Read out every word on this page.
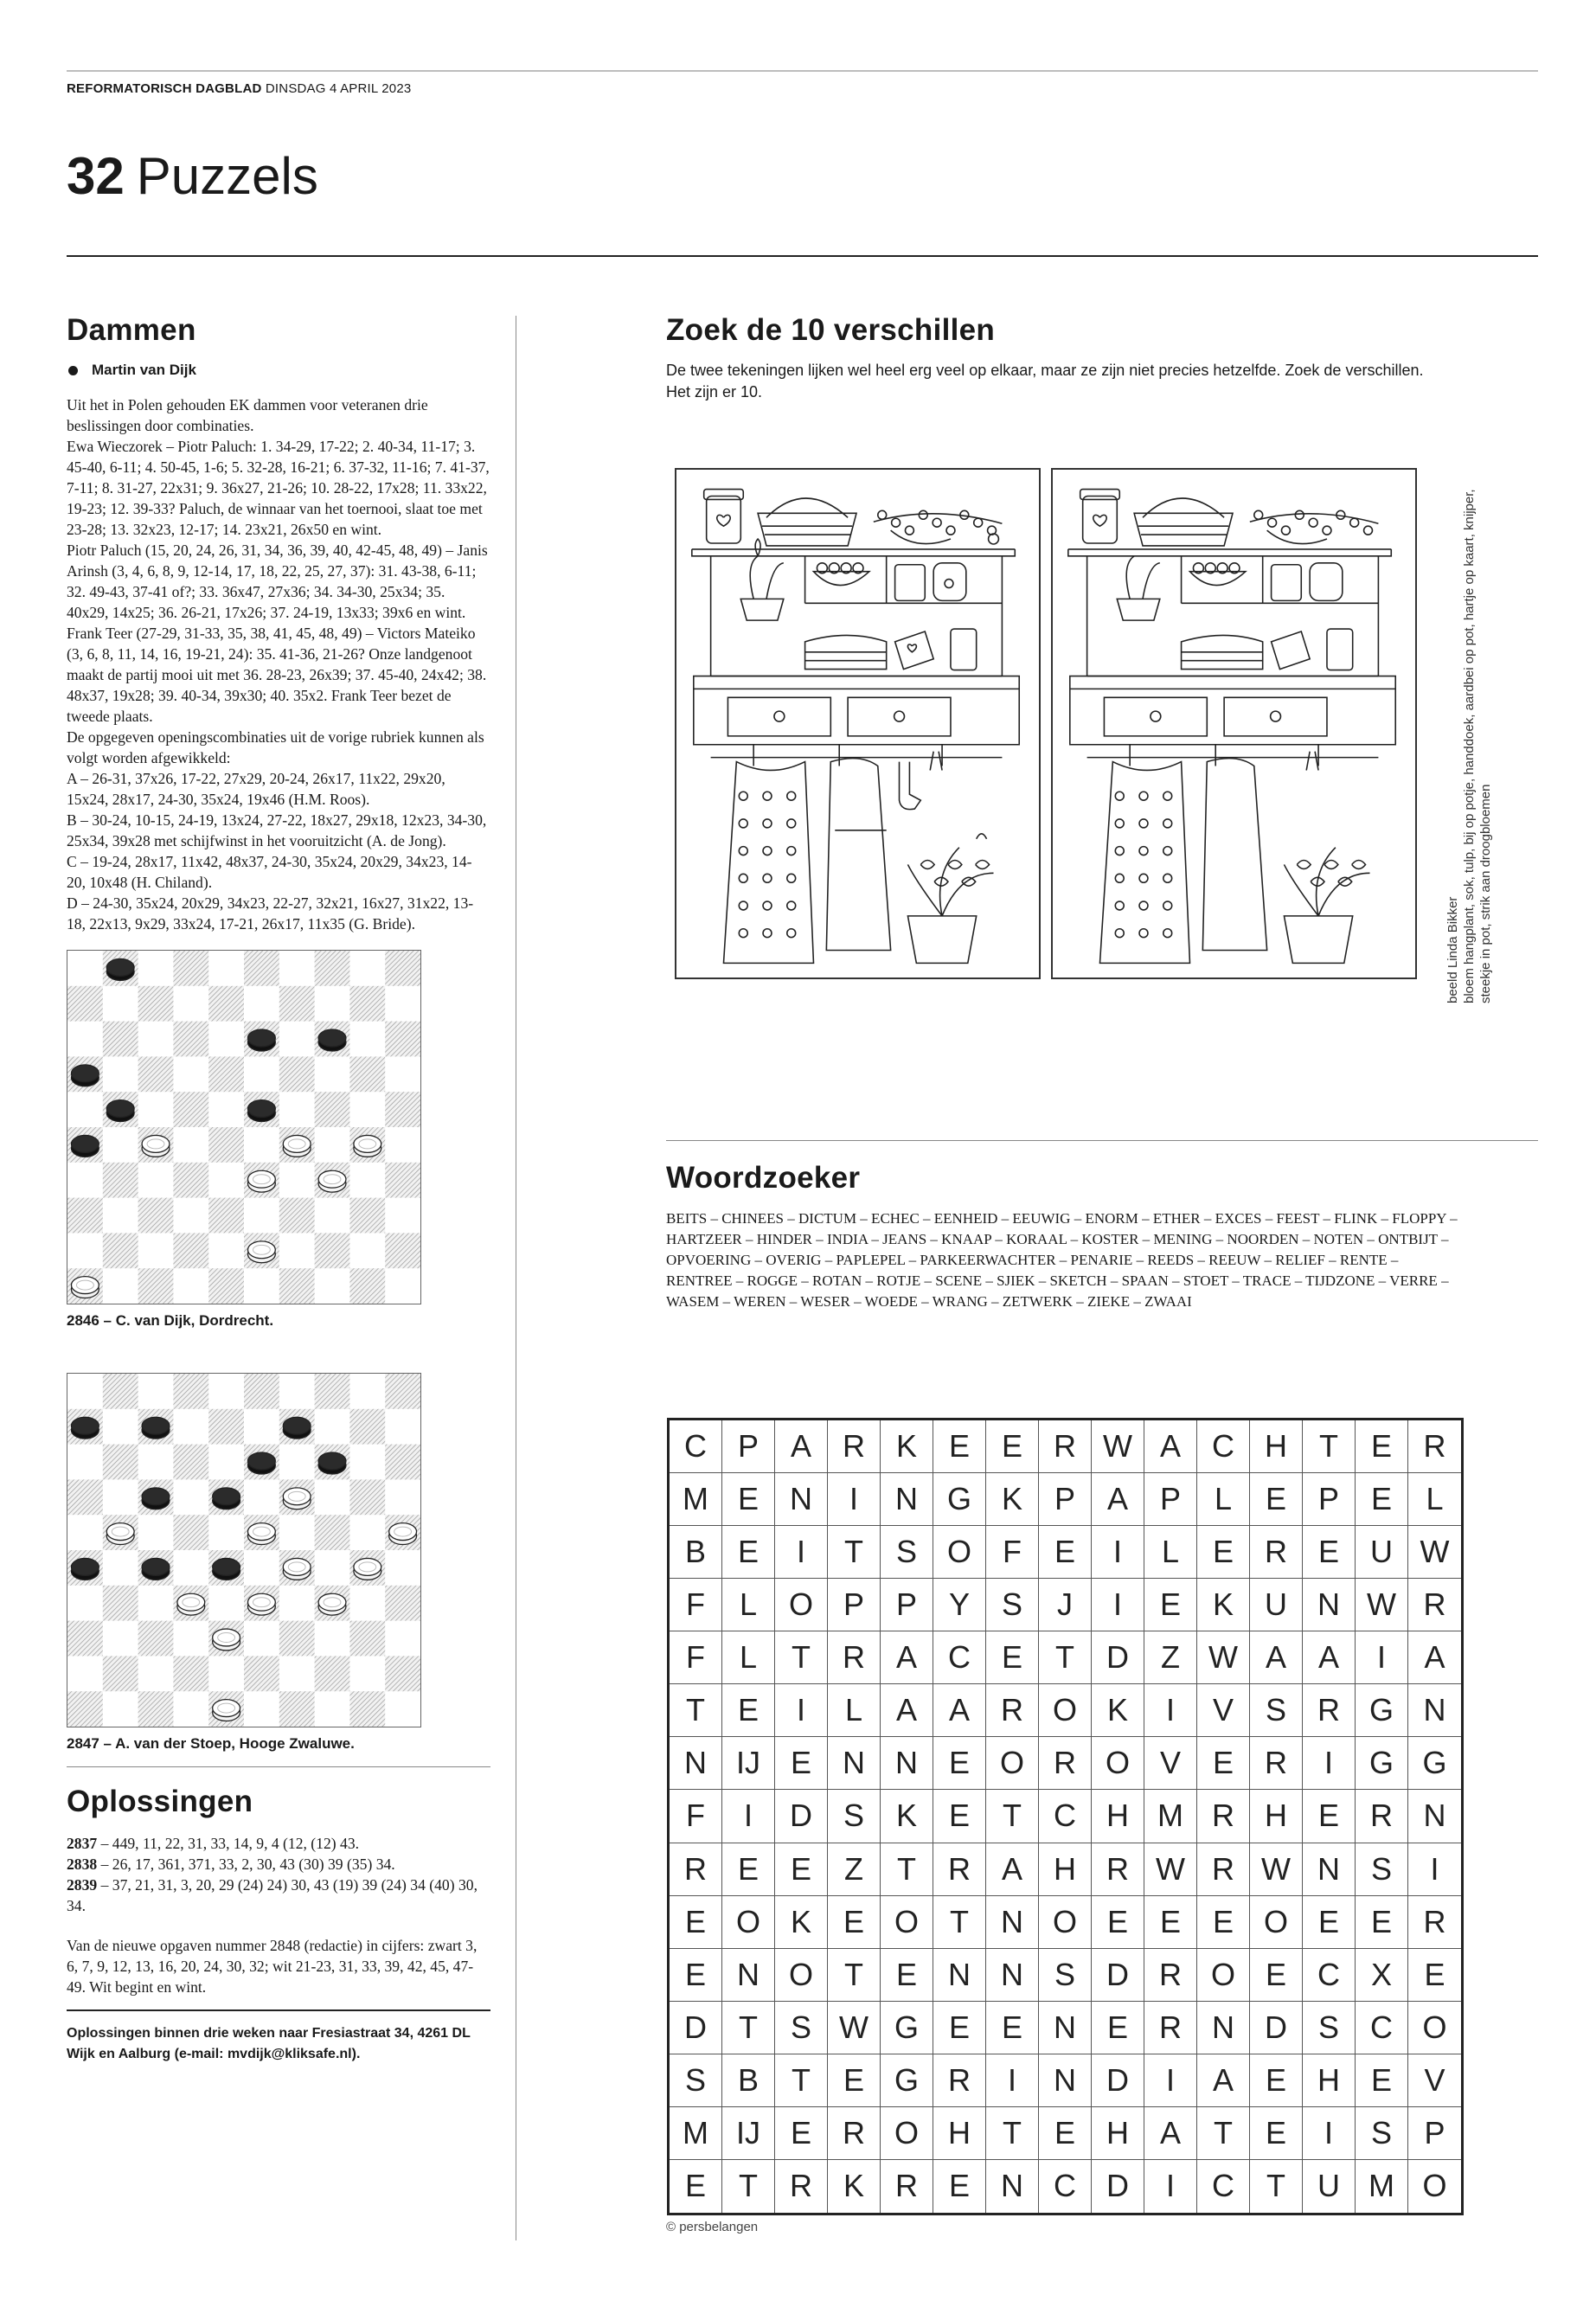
REFORMATORISCH DAGBLAD DINSDAG 4 APRIL 2023
32 Puzzels
Dammen
Martin van Dijk

Uit het in Polen gehouden EK dammen voor veteranen drie beslissingen door combinaties.

Ewa Wieczorek – Piotr Paluch: 1. 34-29, 17-22; 2. 40-34, 11-17; 3. 45-40, 6-11; 4. 50-45, 1-6; 5. 32-28, 16-21; 6. 37-32, 11-16; 7. 41-37, 7-11; 8. 31-27, 22x31; 9. 36x27, 21-26; 10. 28-22, 17x28; 11. 33x22, 19-23; 12. 39-33? Paluch, de winnaar van het toernooi, slaat toe met 23-28; 13. 32x23, 12-17; 14. 23x21, 26x50 en wint.

Piotr Paluch (15, 20, 24, 26, 31, 34, 36, 39, 40, 42-45, 48, 49) – Janis Arinsh (3, 4, 6, 8, 9, 12-14, 17, 18, 22, 25, 27, 37): 31. 43-38, 6-11; 32. 49-43, 37-41 of?; 33. 36x47, 27x36; 34. 34-30, 25x34; 35. 40x29, 14x25; 36. 26-21, 17x26; 37. 24-19, 13x33; 39x6 en wint.

Frank Teer (27-29, 31-33, 35, 38, 41, 45, 48, 49) – Victors Mateiko (3, 6, 8, 11, 14, 16, 19-21, 24): 35. 41-36, 21-26? Onze landgenoot maakt de partij mooi uit met 36. 28-23, 26x39; 37. 45-40, 24x42; 38. 48x37, 19x28; 39. 40-34, 39x30; 40. 35x2. Frank Teer bezet de tweede plaats.

De opgegeven openingscombinaties uit de vorige rubriek kunnen als volgt worden afgewikkeld:

A – 26-31, 37x26, 17-22, 27x29, 20-24, 26x17, 11x22, 29x20, 15x24, 28x17, 24-30, 35x24, 19x46 (H.M. Roos).

B – 30-24, 10-15, 24-19, 13x24, 27-22, 18x27, 29x18, 12x23, 34-30, 25x34, 39x28 met schijfwinst in het vooruitzicht (A. de Jong).

C – 19-24, 28x17, 11x42, 48x37, 24-30, 35x24, 20x29, 34x23, 14-20, 10x48 (H. Chiland).

D – 24-30, 35x24, 20x29, 34x23, 22-27, 32x21, 16x27, 31x22, 13-18, 22x13, 9x29, 33x24, 17-21, 26x17, 11x35 (G. Bride).

2846 – C. van Dijk, Dordrecht.
2847 – A. van der Stoep, Hooge Zwaluwe.
Oplossingen
2837 – 449, 11, 22, 31, 33, 14, 9, 4 (12, (12) 43.
2838 – 26, 17, 361, 371, 33, 2, 30, 43 (30) 39 (35) 34.
2839 – 37, 21, 31, 3, 20, 29 (24) 24) 30, 43 (19) 39 (24) 34 (40) 30, 34.

Van de nieuwe opgaven nummer 2848 (redactie) in cijfers: zwart 3, 6, 7, 9, 12, 13, 16, 20, 24, 30, 32; wit 21-23, 31, 33, 39, 42, 45, 47-49. Wit begint en wint.

Oplossingen binnen drie weken naar Fresiastraat 34, 4261 DL Wijk en Aalburg (e-mail: mvdijk@kliksafe.nl).

Zoek de 10 verschillen

De twee tekeningen lijken wel heel erg veel op elkaar, maar ze zijn niet precies hetzelfde. Zoek de verschillen. Het zijn er 10.

beeld Linda Bikker bloem hangplant, sok, tulp, bij op potje, handdoek, aardbei op pot, hartje op kaart, knijper, steekje in pot, strik aan droogbloemen
Woordzoeker
BEITS – CHINEES – DICTUM – ECHEC – EENHEID – EEUWIG – ENORM – ETHER – EXCES – FEEST – FLINK – FLOPPY – HARTZEER – HINDER – INDIA – JEANS – KNAAP – KORAAL – KOSTER – MENING – NOORDEN – NOTEN – ONTBIJT – OPVOERING – OVERIG – PAPLEPEL – PARKEERWACHTER – PENARIE – REEDS – REEUW – RELIEF – RENTE – RENTREE – ROGGE – ROTAN – ROTJE – SCENE – SJIEK – SKETCH – SPAAN – STOET – TRACE – TIJDZONE – VERRE – WASEM – WEREN – WESER – WOEDE – WRANG – ZETWERK – ZIEKE – ZWAAI
C P	A	R K	E	E	R W A	C H	T	E	R
M E	N	I	N G K	P	A	P	L	E	P	E	L
B	E	I	T	S O	F	E	I	L	E	R E	U W
F	L	O P	P	Y	S	J	I	E	K	U N W R
F	L	T	R A	C E	T	D	Z W A	A	I	A
T	E	I	L	A	A	R O K	I	V	S	R G N
N IJ E	N N E O R O V	E	R	I	G G
F	I	D S	K	E	T	C H M R H E	R N
R E	E	Z	T	R A	H R W R W N S	I
E O K	E O	T	N O E	E	E O E	E	R
E	N O	T	E	N N S	D R O E	C X	E
D	T	S W G E	E	N E	R N D S	C O
S	B	T	E G R	I	N D	I	A	E	H E	V
M IJ E	R O H	T	E	H A	T	E	I	S	P
E	T	R K	R E	N C D	I	C	T	U M O
© persbelangen
